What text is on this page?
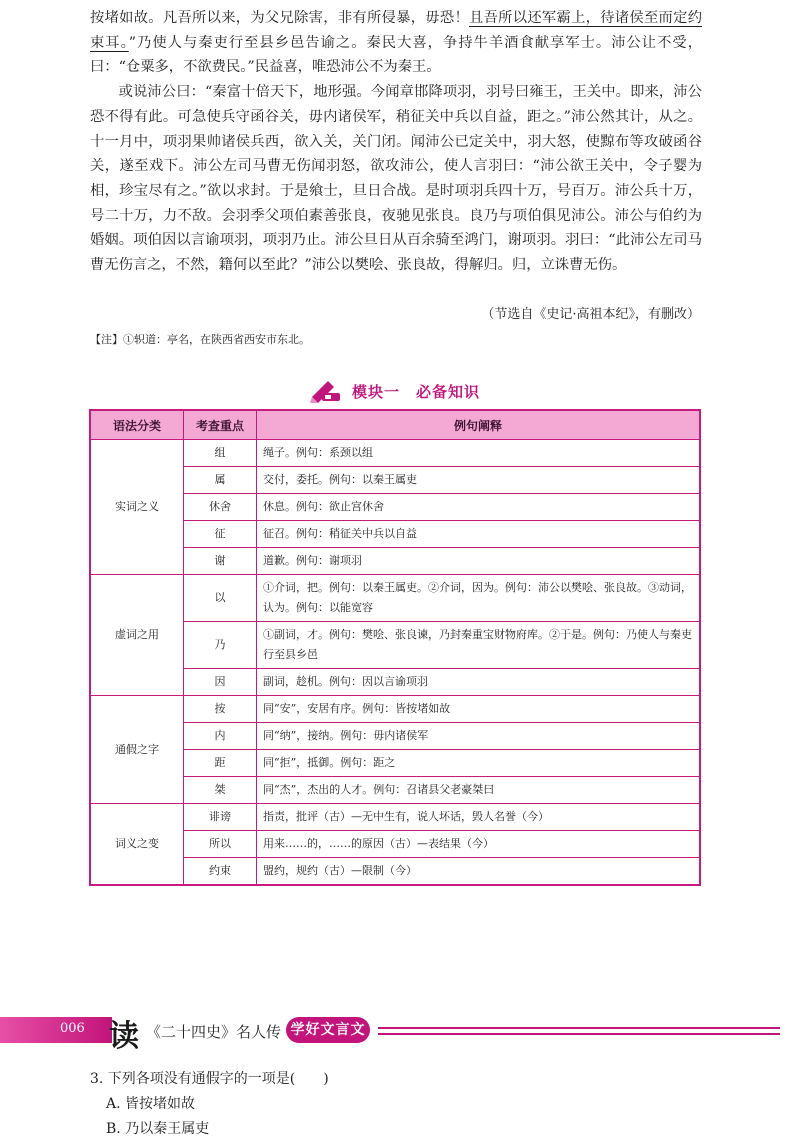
按堵如故。凡吾所以来，为父兄除害，非有所侵暴，毋恐！且吾所以还军霸上，待诸侯至而定约束耳。”乃使人与秦吏行至县乡邑告谕之。秦民大喜，争持牛羊酒食献享军士。沛公让不受，曰：“仓粟多，不欲费民。”民益喜，唯恐沛公不为秦王。

或说沛公曰：“秦富十倍天下，地形强。今闻章邯降项羽，羽号曰雍王，王关中。即来，沛公恐不得有此。可急使兵守函谷关，毋内诸侯军，稍征关中兵以自益，距之。”沛公然其计，从之。十一月中，项羽果帅诸侯兵西，欲入关，关门闭。闻沛公已定关中，羽大怒，使黥布等攻破函谷关，遂至戏下。沛公左司马曹无伤闻羽怒，欲攻沛公，使人言羽曰：“沛公欲王关中，令子婴为相，珍宝尽有之。”欲以求封。于是飨士，旦日合战。是时项羽兵四十万，号百万。沛公兵十万，号二十万，力不敌。会羽季父项伯素善张良，夜驰见张良。良乃与项伯俱见沛公。沛公与伯约为婚姻。项伯因以言谕项羽，项羽乃止。沛公旦日从百余骑至鸿门，谢项羽。羽曰：“此沛公左司马曹无伤言之，不然，籍何以至此？”沛公以樊哙、张良故，得解归。归，立诛曹无伤。

（节选自《史记·高祖本纪》，有删改）
【注】①轵道：亭名，在陕西省西安市东北。
模块一　必备知识
语法分类	考查重点	例句阐释
实词之义	组	绳子。例句：系颈以组
	属	交付，委托。例句：以秦王属吏
	休舍	休息。例句：欲止宫休舍
	征	征召。例句：稍征关中兵以自益
	谢	道歉。例句：谢项羽
虚词之用	以	①介词，把。例句：以秦王属吏。②介词，因为。例句：沛公以樊哙、张良故。③动词，认为。例句：以能宽容
	乃	①副词，才。例句：樊哙、张良谏，乃封秦重宝财物府库。②于是。例句：乃使人与秦吏行至县乡邑
	因	副词，趁机。例句：因以言谕项羽
通假之字	按	同“安”，安居有序。例句：皆按堵如故
	内	同“纳”，接纳。例句：毋内诸侯军
	距	同“拒”，抵御。例句：距之
	桀	同“杰”，杰出的人才。例句：召诸县父老豪桀曰
词义之变	诽谤	指责，批评（古）—无中生有，说人坏话，毁人名誉（今）
	所以	用来……的，……的原因（古）—表结果（今）
	约束	盟约，规约（古）—限制（今）
006 读 《二十四史》名人传 学好文言文
3. 下列各项没有通假字的一项是(　　)
A. 皆按堵如故
B. 乃以秦王属吏
